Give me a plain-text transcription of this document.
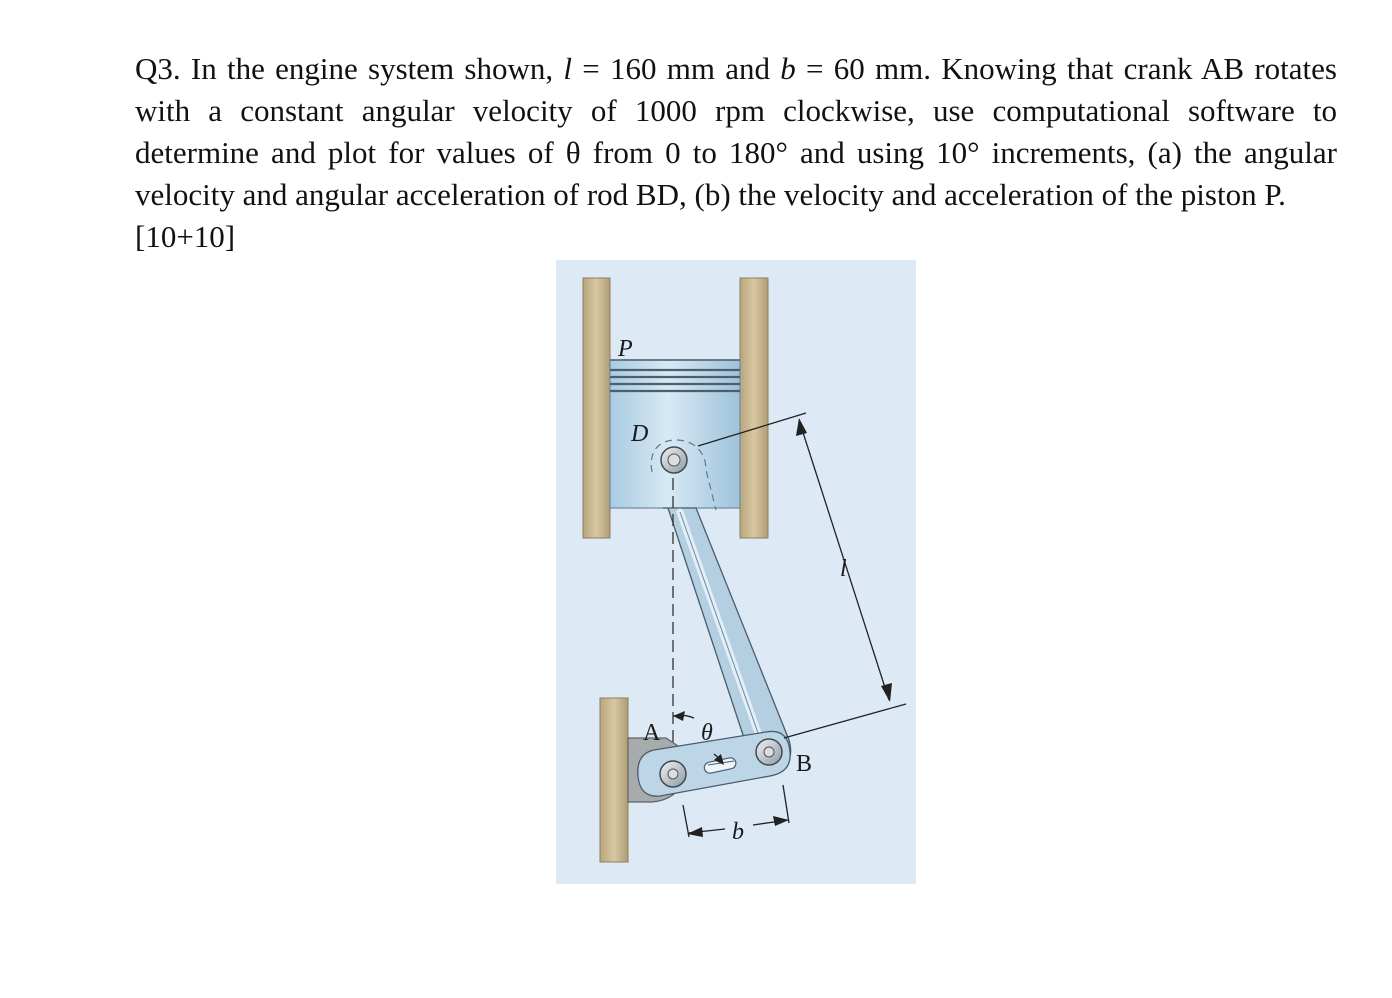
Q3. In the engine system shown, l = 160 mm and b = 60 mm. Knowing that crank AB rotates with a constant angular velocity of 1000 rpm clockwise, use computational software to determine and plot for values of θ from 0 to 180° and using 10° increments, (a) the angular velocity and angular acceleration of rod BD, (b) the velocity and acceleration of the piston P.
[10+10]
P
D
A
B
θ
l
b
